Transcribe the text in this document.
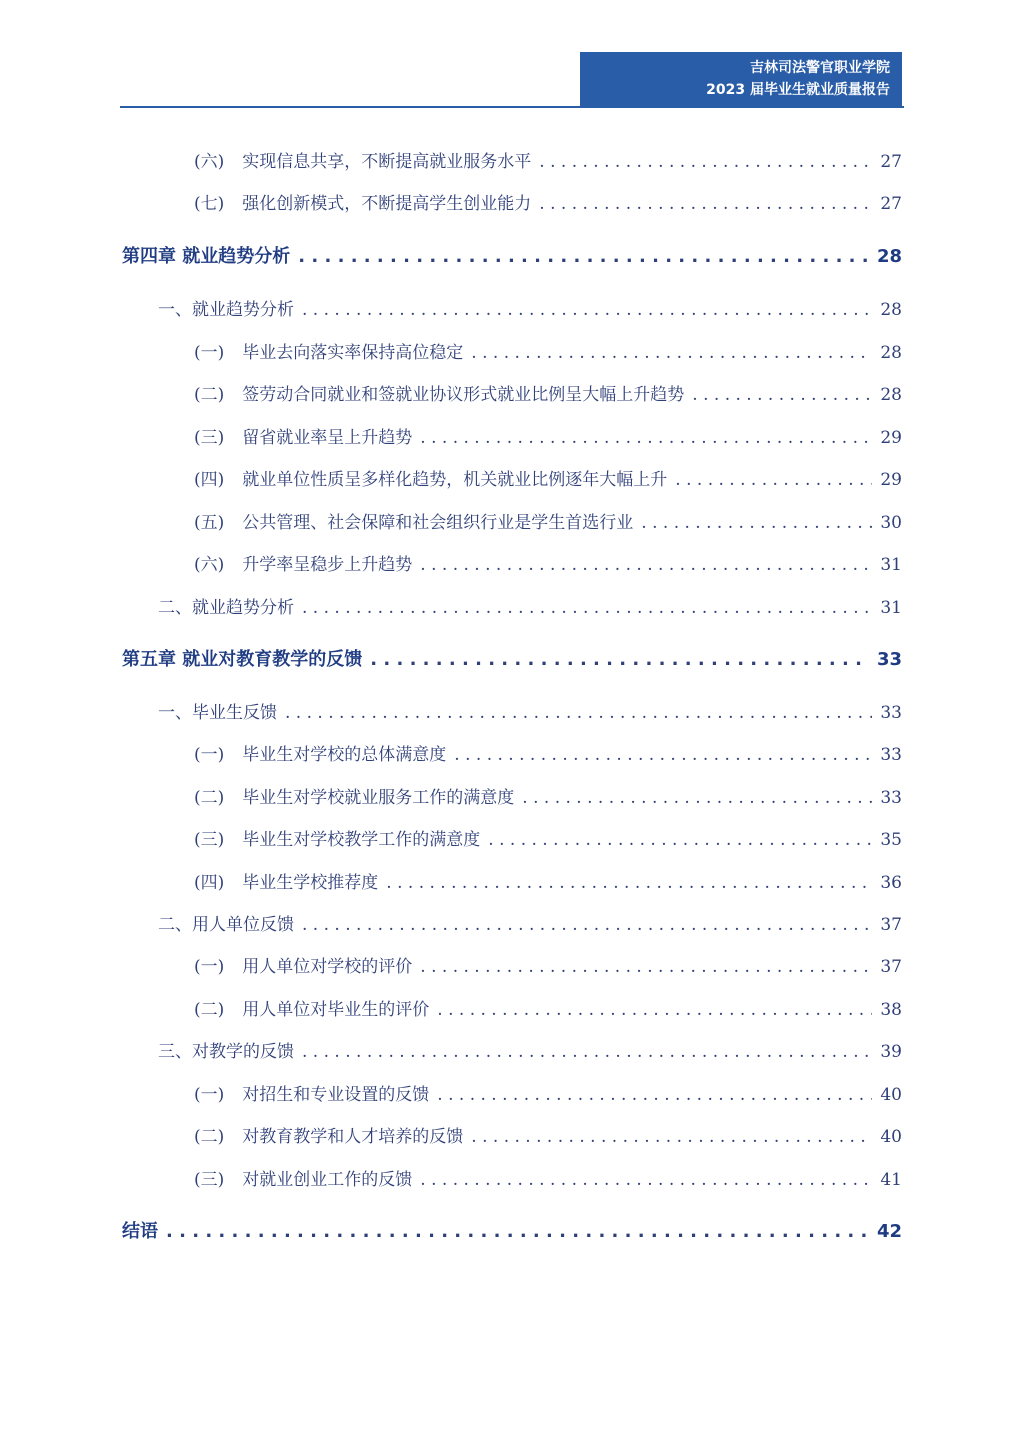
吉林司法警官职业学院
2023 届毕业生就业质量报告
(六) 实现信息共享，不断提高就业服务水平 . . .	27
(七) 强化创新模式，不断提高学生创业能力 . . .	27
第四章 就业趋势分析 . . .	28
一、就业趋势分析 . . .	28
(一) 毕业去向落实率保持高位稳定 . . .	28
(二) 签劳动合同就业和签就业协议形式就业比例呈大幅上升趋势 . . .	28
(三) 留省就业率呈上升趋势 . . .	29
(四) 就业单位性质呈多样化趋势，机关就业比例逐年大幅上升 . . .	29
(五) 公共管理、社会保障和社会组织行业是学生首选行业 . . .	30
(六) 升学率呈稳步上升趋势 . . .	31
二、就业趋势分析 . . .	31
第五章 就业对教育教学的反馈 . . .	33
一、毕业生反馈 . . .	33
(一) 毕业生对学校的总体满意度 . . .	33
(二) 毕业生对学校就业服务工作的满意度 . . .	33
(三) 毕业生对学校教学工作的满意度 . . .	35
(四) 毕业生学校推荐度 . . .	36
二、用人单位反馈 . . .	37
(一) 用人单位对学校的评价 . . .	37
(二) 用人单位对毕业生的评价 . . .	38
三、对教学的反馈 . . .	39
(一) 对招生和专业设置的反馈 . . .	40
(二) 对教育教学和人才培养的反馈 . . .	40
(三) 对就业创业工作的反馈 . . .	41
结语 . . .	42
